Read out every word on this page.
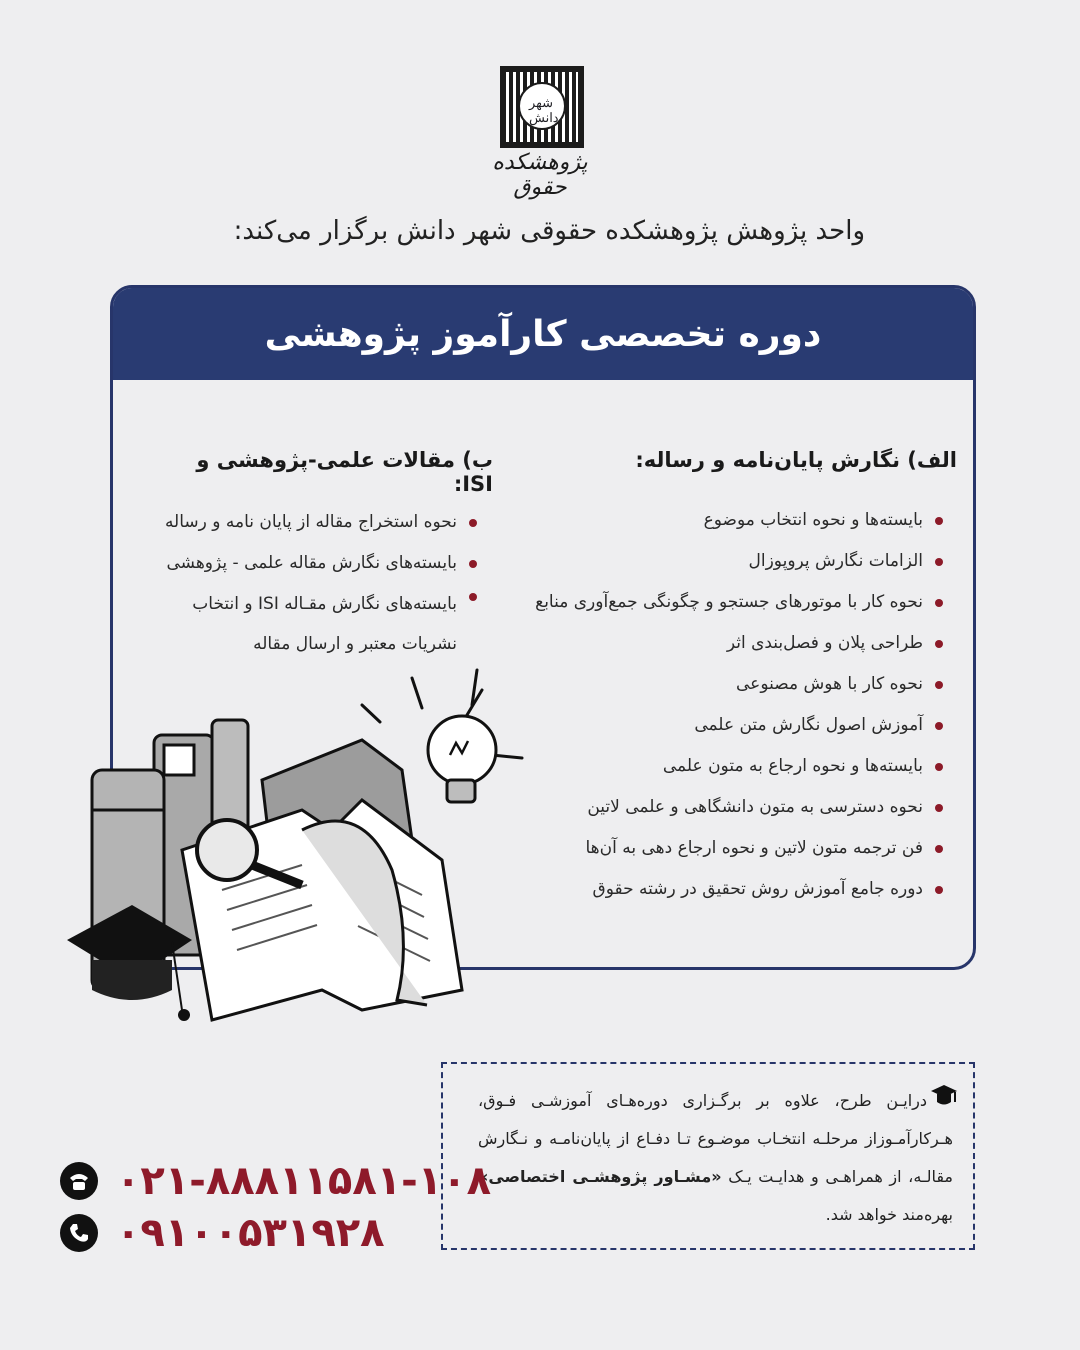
شهر دانش
پژوهشکده حقوق
واحد پژوهش پژوهشکده حقوقی شهر دانش برگزار می‌کند:
دوره تخصصی کارآموز پژوهشی
الف) نگارش پایان‌نامه و رساله:
بایسته‌ها و نحوه انتخاب موضوع
الزامات نگارش پروپوزال
نحوه کار با موتورهای جستجو و چگونگی جمع‌آوری منابع
طراحی پلان و فصل‌بندی اثر
نحوه کار با هوش مصنوعی
آموزش اصول نگارش متن علمی
بایسته‌ها و نحوه ارجاع به متون علمی
نحوه دسترسی به متون دانشگاهی و علمی لاتین
فن ترجمه متون لاتین و نحوه ارجاع دهی به آن‌ها
دوره جامع آموزش روش تحقیق در رشته حقوق
ب) مقالات علمی-پژوهشی و ISI:
نحوه استخراج مقاله از پایان نامه و رساله
بایسته‌های نگارش مقاله علمی - پژوهشی
بایسته‌های نگارش مقـاله ISI و انتخاب نشریات معتبر و ارسال مقاله
درایـن طرح، علاوه بر برگـزاری دوره‌هـای آموزشـی فـوق، هـرکارآمـوزاز مرحلـه انتخـاب موضـوع تـا دفـاع از پایان‌نامـه و نـگارش مقالـه، از همراهـی و هدایـت یـک «مشـاور پژوهشـی اختصاصی» بهره‌مند خواهد شد.
۰۲۱-۸۸۸۱۱۵۸۱-۱۰۸
۰۹۱۰۰۵۳۱۹۲۸
